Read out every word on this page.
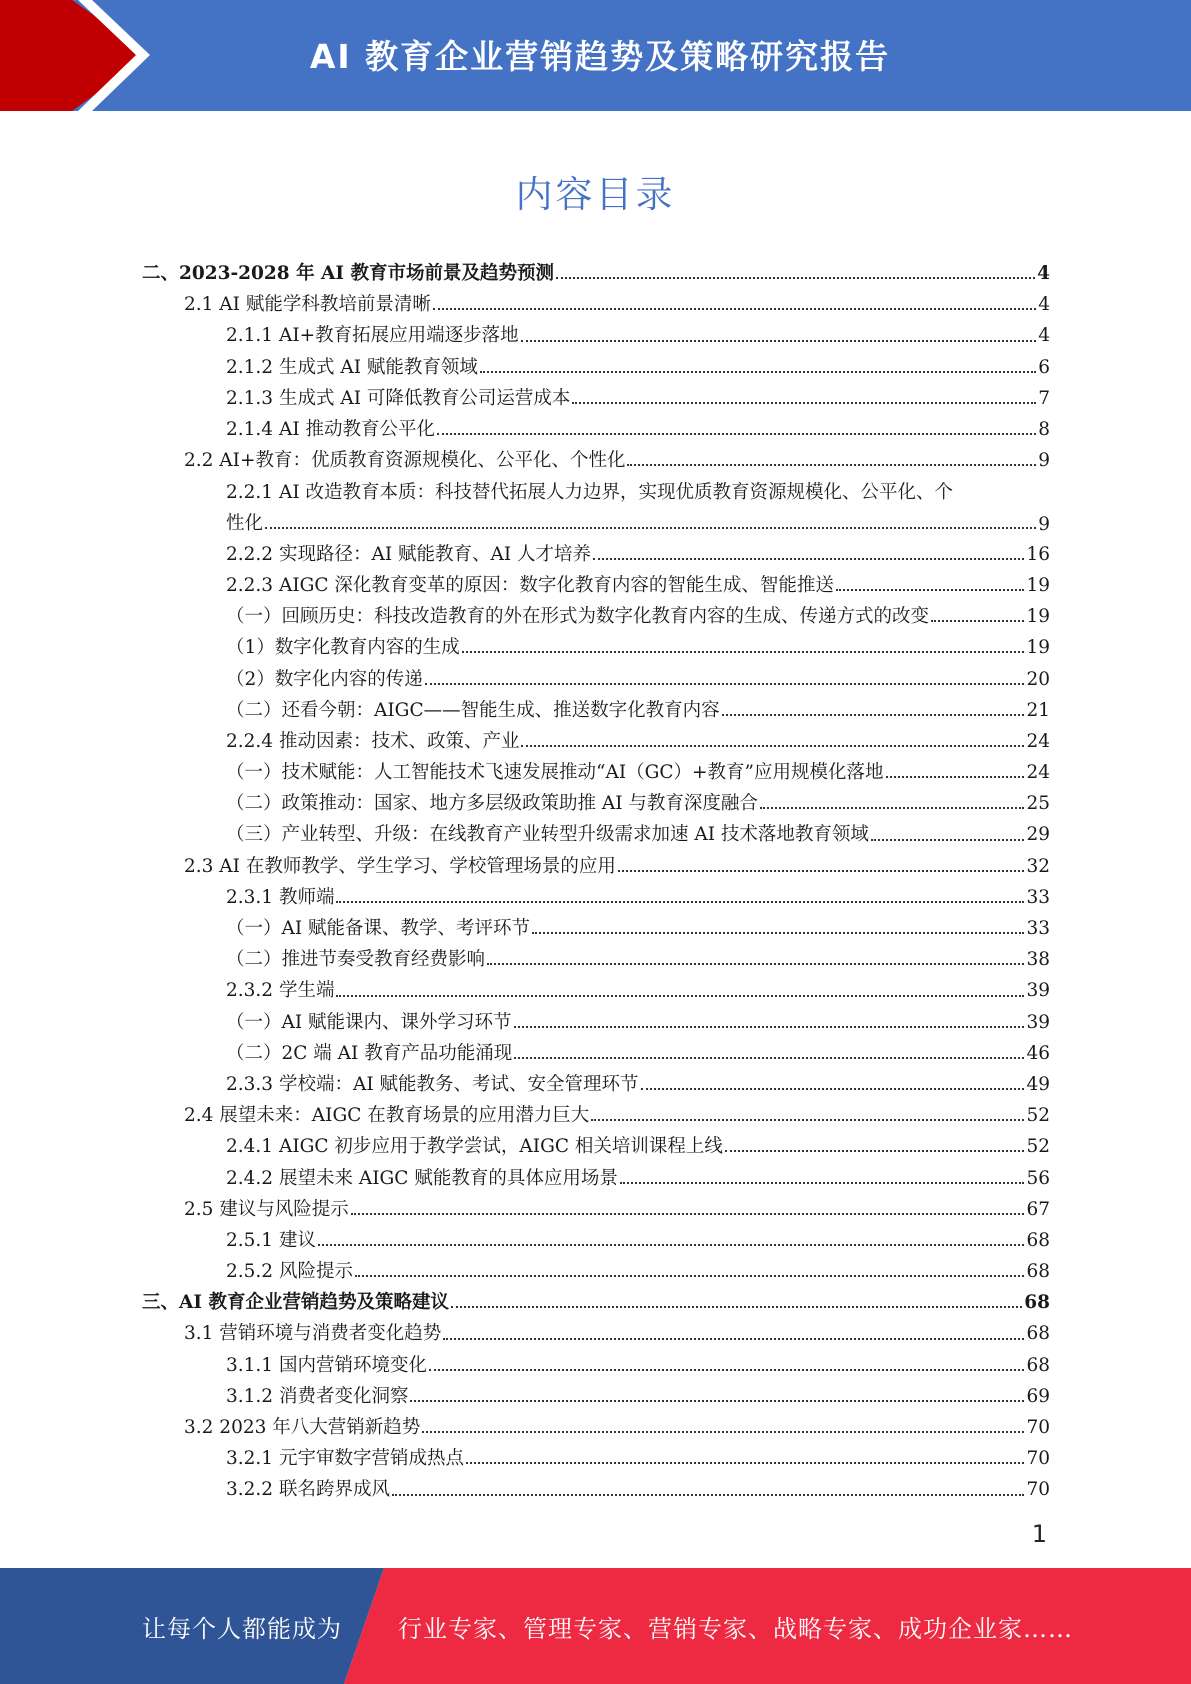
AI 教育企业营销趋势及策略研究报告
内容目录
二、2023-2028 年 AI 教育市场前景及趋势预测	4
2.1 AI 赋能学科教培前景清晰	4
2.1.1 AI+教育拓展应用端逐步落地	4
2.1.2 生成式 AI 赋能教育领域	6
2.1.3 生成式 AI 可降低教育公司运营成本	7
2.1.4 AI 推动教育公平化	8
2.2 AI+教育：优质教育资源规模化、公平化、个性化	9
2.2.1 AI 改造教育本质：科技替代拓展人力边界，实现优质教育资源规模化、公平化、个
性化	9
2.2.2 实现路径：AI 赋能教育、AI 人才培养	16
2.2.3 AIGC 深化教育变革的原因：数字化教育内容的智能生成、智能推送	19
（一）回顾历史：科技改造教育的外在形式为数字化教育内容的生成、传递方式的改变	19
（1）数字化教育内容的生成	19
（2）数字化内容的传递	20
（二）还看今朝：AIGC——智能生成、推送数字化教育内容	21
2.2.4 推动因素：技术、政策、产业	24
（一）技术赋能：人工智能技术飞速发展推动“AI（GC）+教育”应用规模化落地	24
（二）政策推动：国家、地方多层级政策助推 AI 与教育深度融合	25
（三）产业转型、升级：在线教育产业转型升级需求加速 AI 技术落地教育领域	29
2.3 AI 在教师教学、学生学习、学校管理场景的应用	32
2.3.1 教师端	33
（一）AI 赋能备课、教学、考评环节	33
（二）推进节奏受教育经费影响	38
2.3.2 学生端	39
（一）AI 赋能课内、课外学习环节	39
（二）2C 端 AI 教育产品功能涌现	46
2.3.3 学校端：AI 赋能教务、考试、安全管理环节	49
2.4 展望未来：AIGC 在教育场景的应用潜力巨大	52
2.4.1 AIGC 初步应用于教学尝试，AIGC 相关培训课程上线	52
2.4.2 展望未来 AIGC 赋能教育的具体应用场景	56
2.5 建议与风险提示	67
2.5.1 建议	68
2.5.2 风险提示	68
三、AI 教育企业营销趋势及策略建议	68
3.1 营销环境与消费者变化趋势	68
3.1.1 国内营销环境变化	68
3.1.2 消费者变化洞察	69
3.2 2023 年八大营销新趋势	70
3.2.1 元宇审数字营销成热点	70
3.2.2 联名跨界成风	70
1
让每个人都能成为 行业专家、管理专家、营销专家、战略专家、成功企业家……
